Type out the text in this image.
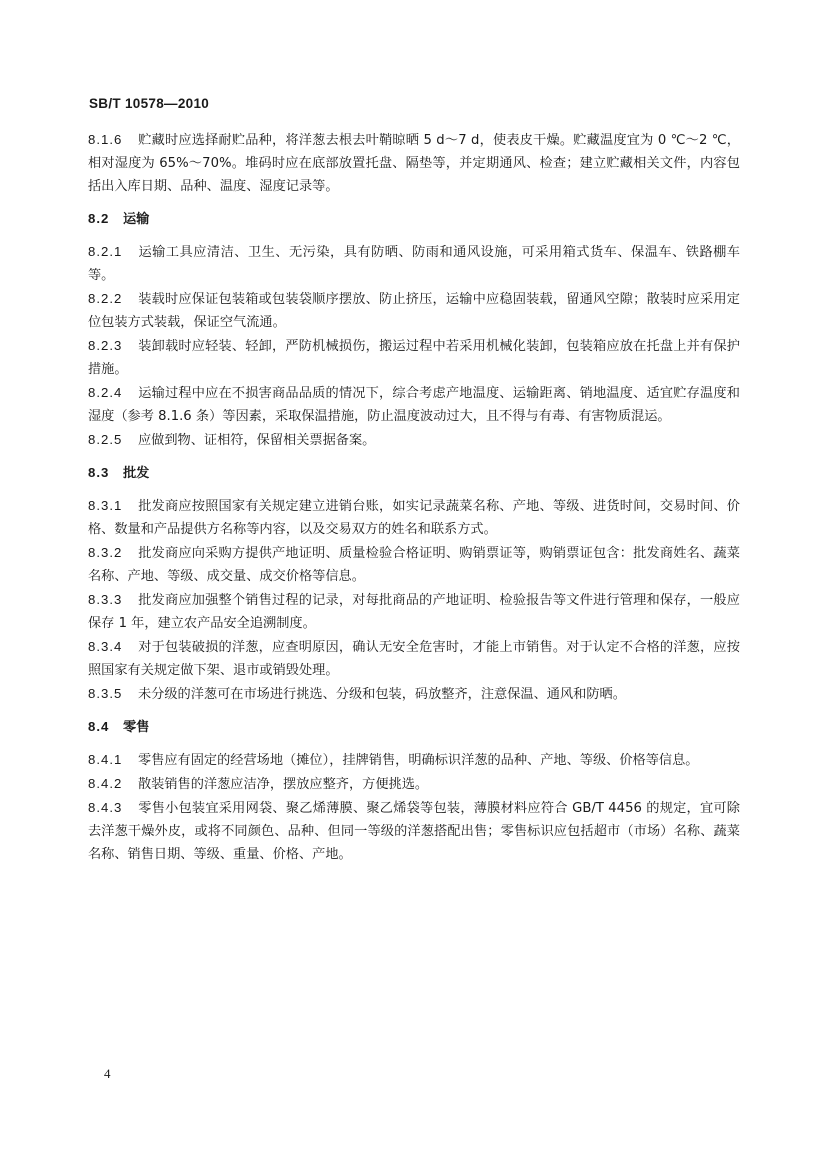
SB/T 10578—2010

8.1.6 贮藏时应选择耐贮品种，将洋葱去根去叶鞘晾晒 5 d～7 d，使表皮干燥。贮藏温度宜为 0 ℃～2 ℃，相对湿度为 65%～70%。堆码时应在底部放置托盘、隔垫等，并定期通风、检查；建立贮藏相关文件，内容包括出入库日期、品种、温度、湿度记录等。

8.2 运输

8.2.1 运输工具应清洁、卫生、无污染，具有防晒、防雨和通风设施，可采用箱式货车、保温车、铁路棚车等。

8.2.2 装载时应保证包装箱或包装袋顺序摆放、防止挤压，运输中应稳固装载，留通风空隙；散装时应采用定位包装方式装载，保证空气流通。

8.2.3 装卸载时应轻装、轻卸，严防机械损伤，搬运过程中若采用机械化装卸，包装箱应放在托盘上并有保护措施。

8.2.4 运输过程中应在不损害商品品质的情况下，综合考虑产地温度、运输距离、销地温度、适宜贮存温度和湿度（参考 8.1.6 条）等因素，采取保温措施，防止温度波动过大，且不得与有毒、有害物质混运。

8.2.5 应做到物、证相符，保留相关票据备案。

8.3 批发

8.3.1 批发商应按照国家有关规定建立进销台账，如实记录蔬菜名称、产地、等级、进货时间，交易时间、价格、数量和产品提供方名称等内容，以及交易双方的姓名和联系方式。

8.3.2 批发商应向采购方提供产地证明、质量检验合格证明、购销票证等，购销票证包含：批发商姓名、蔬菜名称、产地、等级、成交量、成交价格等信息。

8.3.3 批发商应加强整个销售过程的记录，对每批商品的产地证明、检验报告等文件进行管理和保存，一般应保存 1 年，建立农产品安全追溯制度。

8.3.4 对于包装破损的洋葱，应查明原因，确认无安全危害时，才能上市销售。对于认定不合格的洋葱，应按照国家有关规定做下架、退市或销毁处理。

8.3.5 未分级的洋葱可在市场进行挑选、分级和包装，码放整齐，注意保温、通风和防晒。

8.4 零售

8.4.1 零售应有固定的经营场地（摊位），挂牌销售，明确标识洋葱的品种、产地、等级、价格等信息。

8.4.2 散装销售的洋葱应洁净，摆放应整齐，方便挑选。

8.4.3 零售小包装宜采用网袋、聚乙烯薄膜、聚乙烯袋等包装，薄膜材料应符合 GB/T 4456 的规定，宜可除去洋葱干燥外皮，或将不同颜色、品种、但同一等级的洋葱搭配出售；零售标识应包括超市（市场）名称、蔬菜名称、销售日期、等级、重量、价格、产地。

4
